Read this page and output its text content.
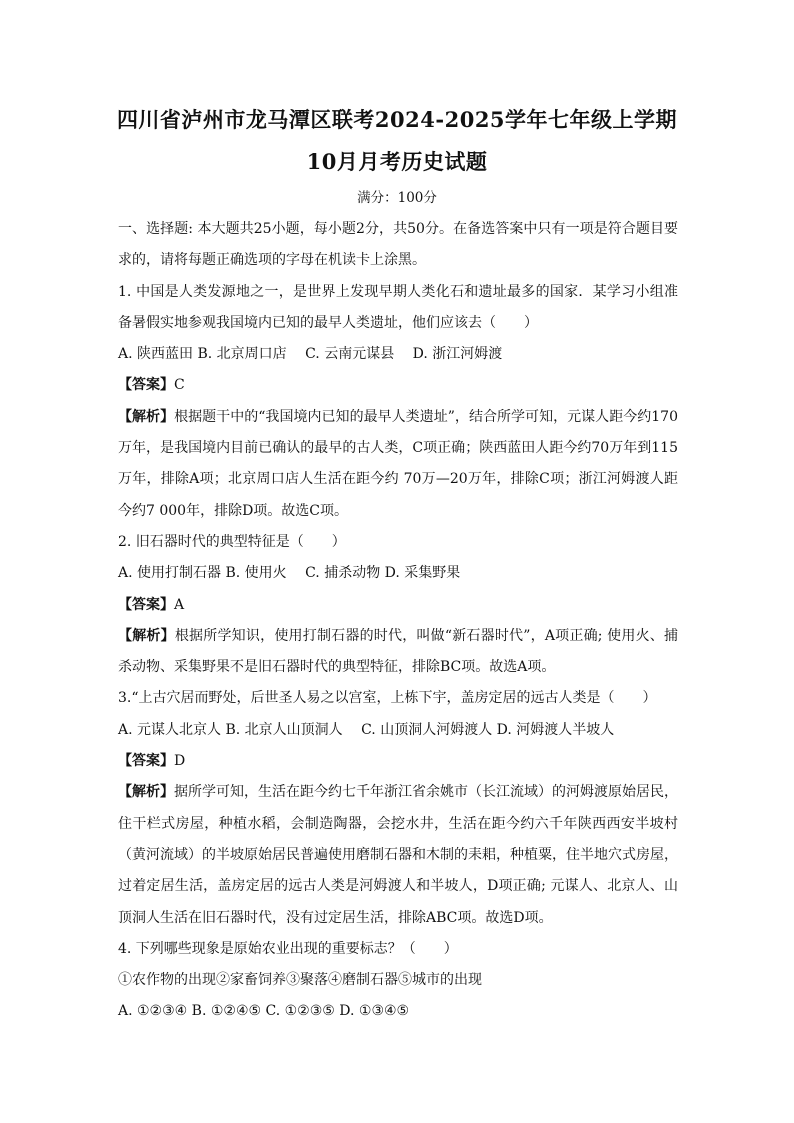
四川省泸州市龙马潭区联考2024-2025学年七年级上学期
10月月考历史试题
满分：100分

一、选择题: 本大题共25小题，每小题2分，共50分。在备选答案中只有一项是符合题目要求的，请将每题正确选项的字母在机读卡上涂黑。

1. 中国是人类发源地之一，是世界上发现早期人类化石和遗址最多的国家．某学习小组准备暑假实地参观我国境内已知的最早人类遗址，他们应该去（　　）

A. 陕西蓝田 B. 北京周口店　 C. 云南元谋县　 D. 浙江河姆渡

【答案】C

【解析】根据题干中的“我国境内已知的最早人类遗址”，结合所学可知，元谋人距今约170万年，是我国境内目前已确认的最早的古人类，C项正确；陕西蓝田人距今约70万年到115万年，排除A项；北京周口店人生活在距今约 70万—20万年，排除C项；浙江河姆渡人距今约7 000年，排除D项。故选C项。

2. 旧石器时代的典型特征是（　　）

A. 使用打制石器 B. 使用火　 C. 捕杀动物 D. 采集野果

【答案】A

【解析】根据所学知识，使用打制石器的时代，叫做“新石器时代”，A项正确; 使用火、捕杀动物、采集野果不是旧石器时代的典型特征，排除BC项。故选A项。

3.“上古穴居而野处，后世圣人易之以宫室，上栋下宇，盖房定居的远古人类是（　　）

A. 元谋人北京人 B. 北京人山顶洞人　 C. 山顶洞人河姆渡人 D. 河姆渡人半坡人

【答案】D

【解析】据所学可知，生活在距今约七千年浙江省余姚市（长江流域）的河姆渡原始居民，住干栏式房屋，种植水稻，会制造陶器，会挖水井，生活在距今约六千年陕西西安半坡村（黄河流域）的半坡原始居民普遍使用磨制石器和木制的耒耜，种植粟，住半地穴式房屋，过着定居生活，盖房定居的远古人类是河姆渡人和半坡人，D项正确; 元谋人、北京人、山顶洞人生活在旧石器时代，没有过定居生活，排除ABC项。故选D项。

4. 下列哪些现象是原始农业出现的重要标志？（　　）

①农作物的出现②家畜饲养③聚落④磨制石器⑤城市的出现

A. ①②③④ B. ①②④⑤ C. ①②③⑤ D. ①③④⑤
